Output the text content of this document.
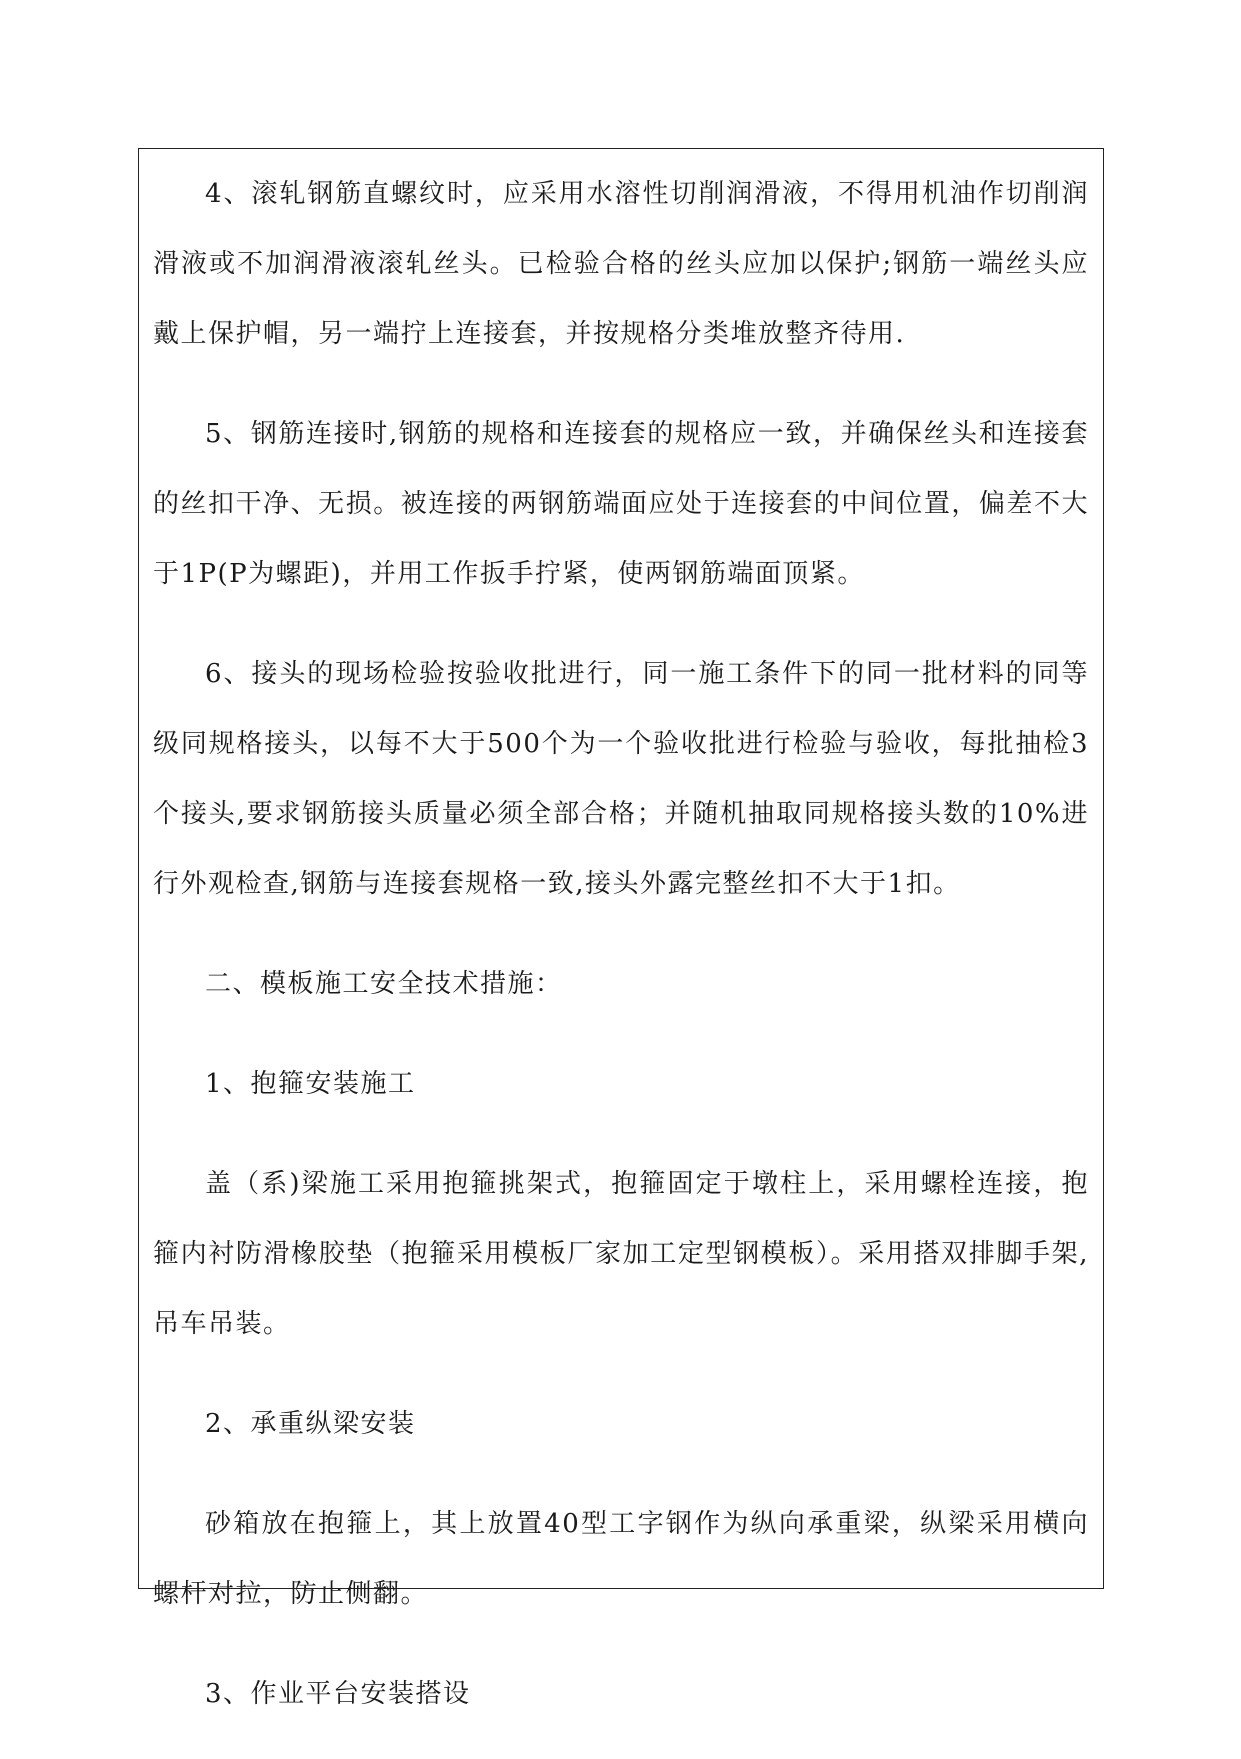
4、滚轧钢筋直螺纹时，应采用水溶性切削润滑液，不得用机油作切削润滑液或不加润滑液滚轧丝头。已检验合格的丝头应加以保护;钢筋一端丝头应戴上保护帽，另一端拧上连接套，并按规格分类堆放整齐待用.

5、钢筋连接时,钢筋的规格和连接套的规格应一致，并确保丝头和连接套的丝扣干净、无损。被连接的两钢筋端面应处于连接套的中间位置，偏差不大于1P(P为螺距)，并用工作扳手拧紧，使两钢筋端面顶紧。

6、接头的现场检验按验收批进行，同一施工条件下的同一批材料的同等级同规格接头，以每不大于500个为一个验收批进行检验与验收，每批抽检3个接头,要求钢筋接头质量必须全部合格；并随机抽取同规格接头数的10%进行外观检查,钢筋与连接套规格一致,接头外露完整丝扣不大于1扣。

二、模板施工安全技术措施：

1、抱箍安装施工

盖（系)梁施工采用抱箍挑架式，抱箍固定于墩柱上，采用螺栓连接，抱箍内衬防滑橡胶垫（抱箍采用模板厂家加工定型钢模板）。采用搭双排脚手架,吊车吊装。

2、承重纵梁安装

砂箱放在抱箍上，其上放置40型工字钢作为纵向承重梁，纵梁采用横向螺杆对拉，防止侧翻。

3、作业平台安装搭设
